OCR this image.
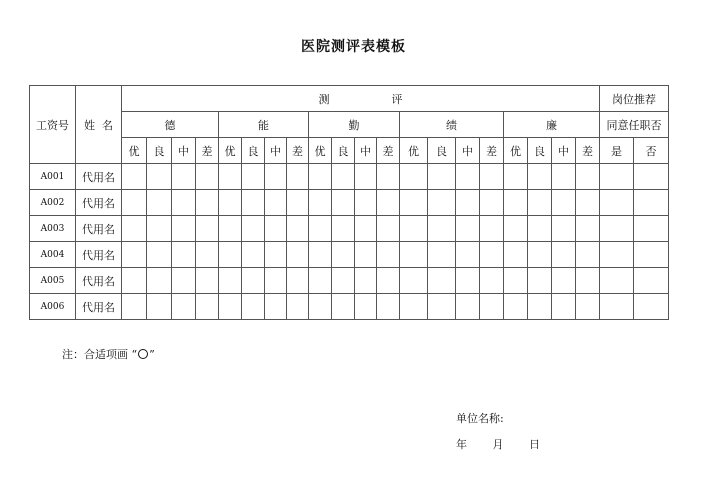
医院测评表模板
工资号	姓  名	测 评																				岗位推荐	
		德				能				勤				绩				廉				同意任职否	
		优	良	中	差	优	良	中	差	优	良	中	差	优	良	中	差	优	良	中	差	是	否
A001	代用名																						
A002	代用名																						
A003	代用名																						
A004	代用名																						
A005	代用名																						
A006	代用名																						
注：合适项画 “○”
单位名称:
年 月 日
